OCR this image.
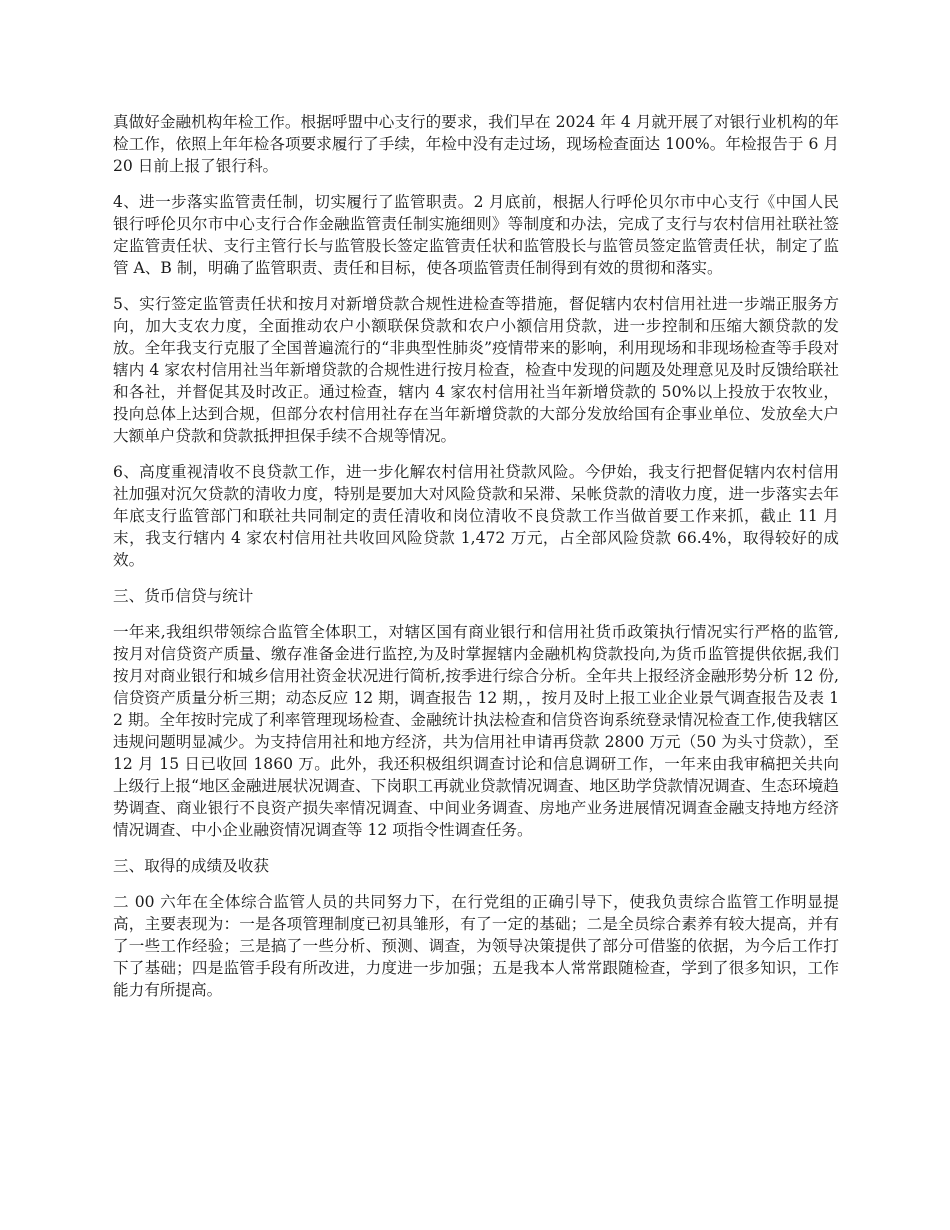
真做好金融机构年检工作。根据呼盟中心支行的要求，我们早在 2024 年 4 月就开展了对银行业机构的年检工作，依照上年年检各项要求履行了手续，年检中没有走过场，现场检查面达 100%。年检报告于 6 月 20 日前上报了银行科。

4、进一步落实监管责任制，切实履行了监管职责。2 月底前，根据人行呼伦贝尔市中心支行《中国人民银行呼伦贝尔市中心支行合作金融监管责任制实施细则》等制度和办法，完成了支行与农村信用社联社签定监管责任状、支行主管行长与监管股长签定监管责任状和监管股长与监管员签定监管责任状，制定了监管 A、B 制，明确了监管职责、责任和目标，使各项监管责任制得到有效的贯彻和落实。

5、实行签定监管责任状和按月对新增贷款合规性进检查等措施，督促辖内农村信用社进一步端正服务方向，加大支农力度，全面推动农户小额联保贷款和农户小额信用贷款，进一步控制和压缩大额贷款的发放。全年我支行克服了全国普遍流行的“非典型性肺炎”疫情带来的影响，利用现场和非现场检查等手段对辖内 4 家农村信用社当年新增贷款的合规性进行按月检查，检查中发现的问题及处理意见及时反馈给联社和各社，并督促其及时改正。通过检查，辖内 4 家农村信用社当年新增贷款的 50%以上投放于农牧业，投向总体上达到合规，但部分农村信用社存在当年新增贷款的大部分发放给国有企事业单位、发放垒大户大额单户贷款和贷款抵押担保手续不合规等情况。

6、高度重视清收不良贷款工作，进一步化解农村信用社贷款风险。今伊始，我支行把督促辖内农村信用社加强对沉欠贷款的清收力度，特别是要加大对风险贷款和呆滞、呆帐贷款的清收力度，进一步落实去年年底支行监管部门和联社共同制定的责任清收和岗位清收不良贷款工作当做首要工作来抓，截止 11 月末，我支行辖内 4 家农村信用社共收回风险贷款 1,472 万元，占全部风险贷款 66.4%，取得较好的成效。

三、货币信贷与统计

一年来,我组织带领综合监管全体职工，对辖区国有商业银行和信用社货币政策执行情况实行严格的监管,按月对信贷资产质量、缴存准备金进行监控,为及时掌握辖内金融机构贷款投向,为货币监管提供依据,我们按月对商业银行和城乡信用社资金状况进行简析,按季进行综合分析。全年共上报经济金融形势分析 12 份,信贷资产质量分析三期；动态反应 12 期，调查报告 12 期，，按月及时上报工业企业景气调查报告及表 12 期。全年按时完成了利率管理现场检查、金融统计执法检查和信贷咨询系统登录情况检查工作,使我辖区违规问题明显减少。为支持信用社和地方经济，共为信用社申请再贷款 2800 万元（50 为头寸贷款），至 12 月 15 日已收回 1860 万。此外，我还积极组织调查讨论和信息调研工作，一年来由我审稿把关共向上级行上报“地区金融进展状况调查、下岗职工再就业贷款情况调查、地区助学贷款情况调查、生态环境趋势调查、商业银行不良资产损失率情况调查、中间业务调查、房地产业务进展情况调查金融支持地方经济情况调查、中小企业融资情况调查等 12 项指令性调查任务。

三、取得的成绩及收获

二 00 六年在全体综合监管人员的共同努力下，在行党组的正确引导下，使我负责综合监管工作明显提高，主要表现为：一是各项管理制度已初具雏形，有了一定的基础；二是全员综合素养有较大提高，并有了一些工作经验；三是搞了一些分析、预测、调查，为领导决策提供了部分可借鉴的依据，为今后工作打下了基础；四是监管手段有所改进，力度进一步加强；五是我本人常常跟随检查，学到了很多知识，工作能力有所提高。
